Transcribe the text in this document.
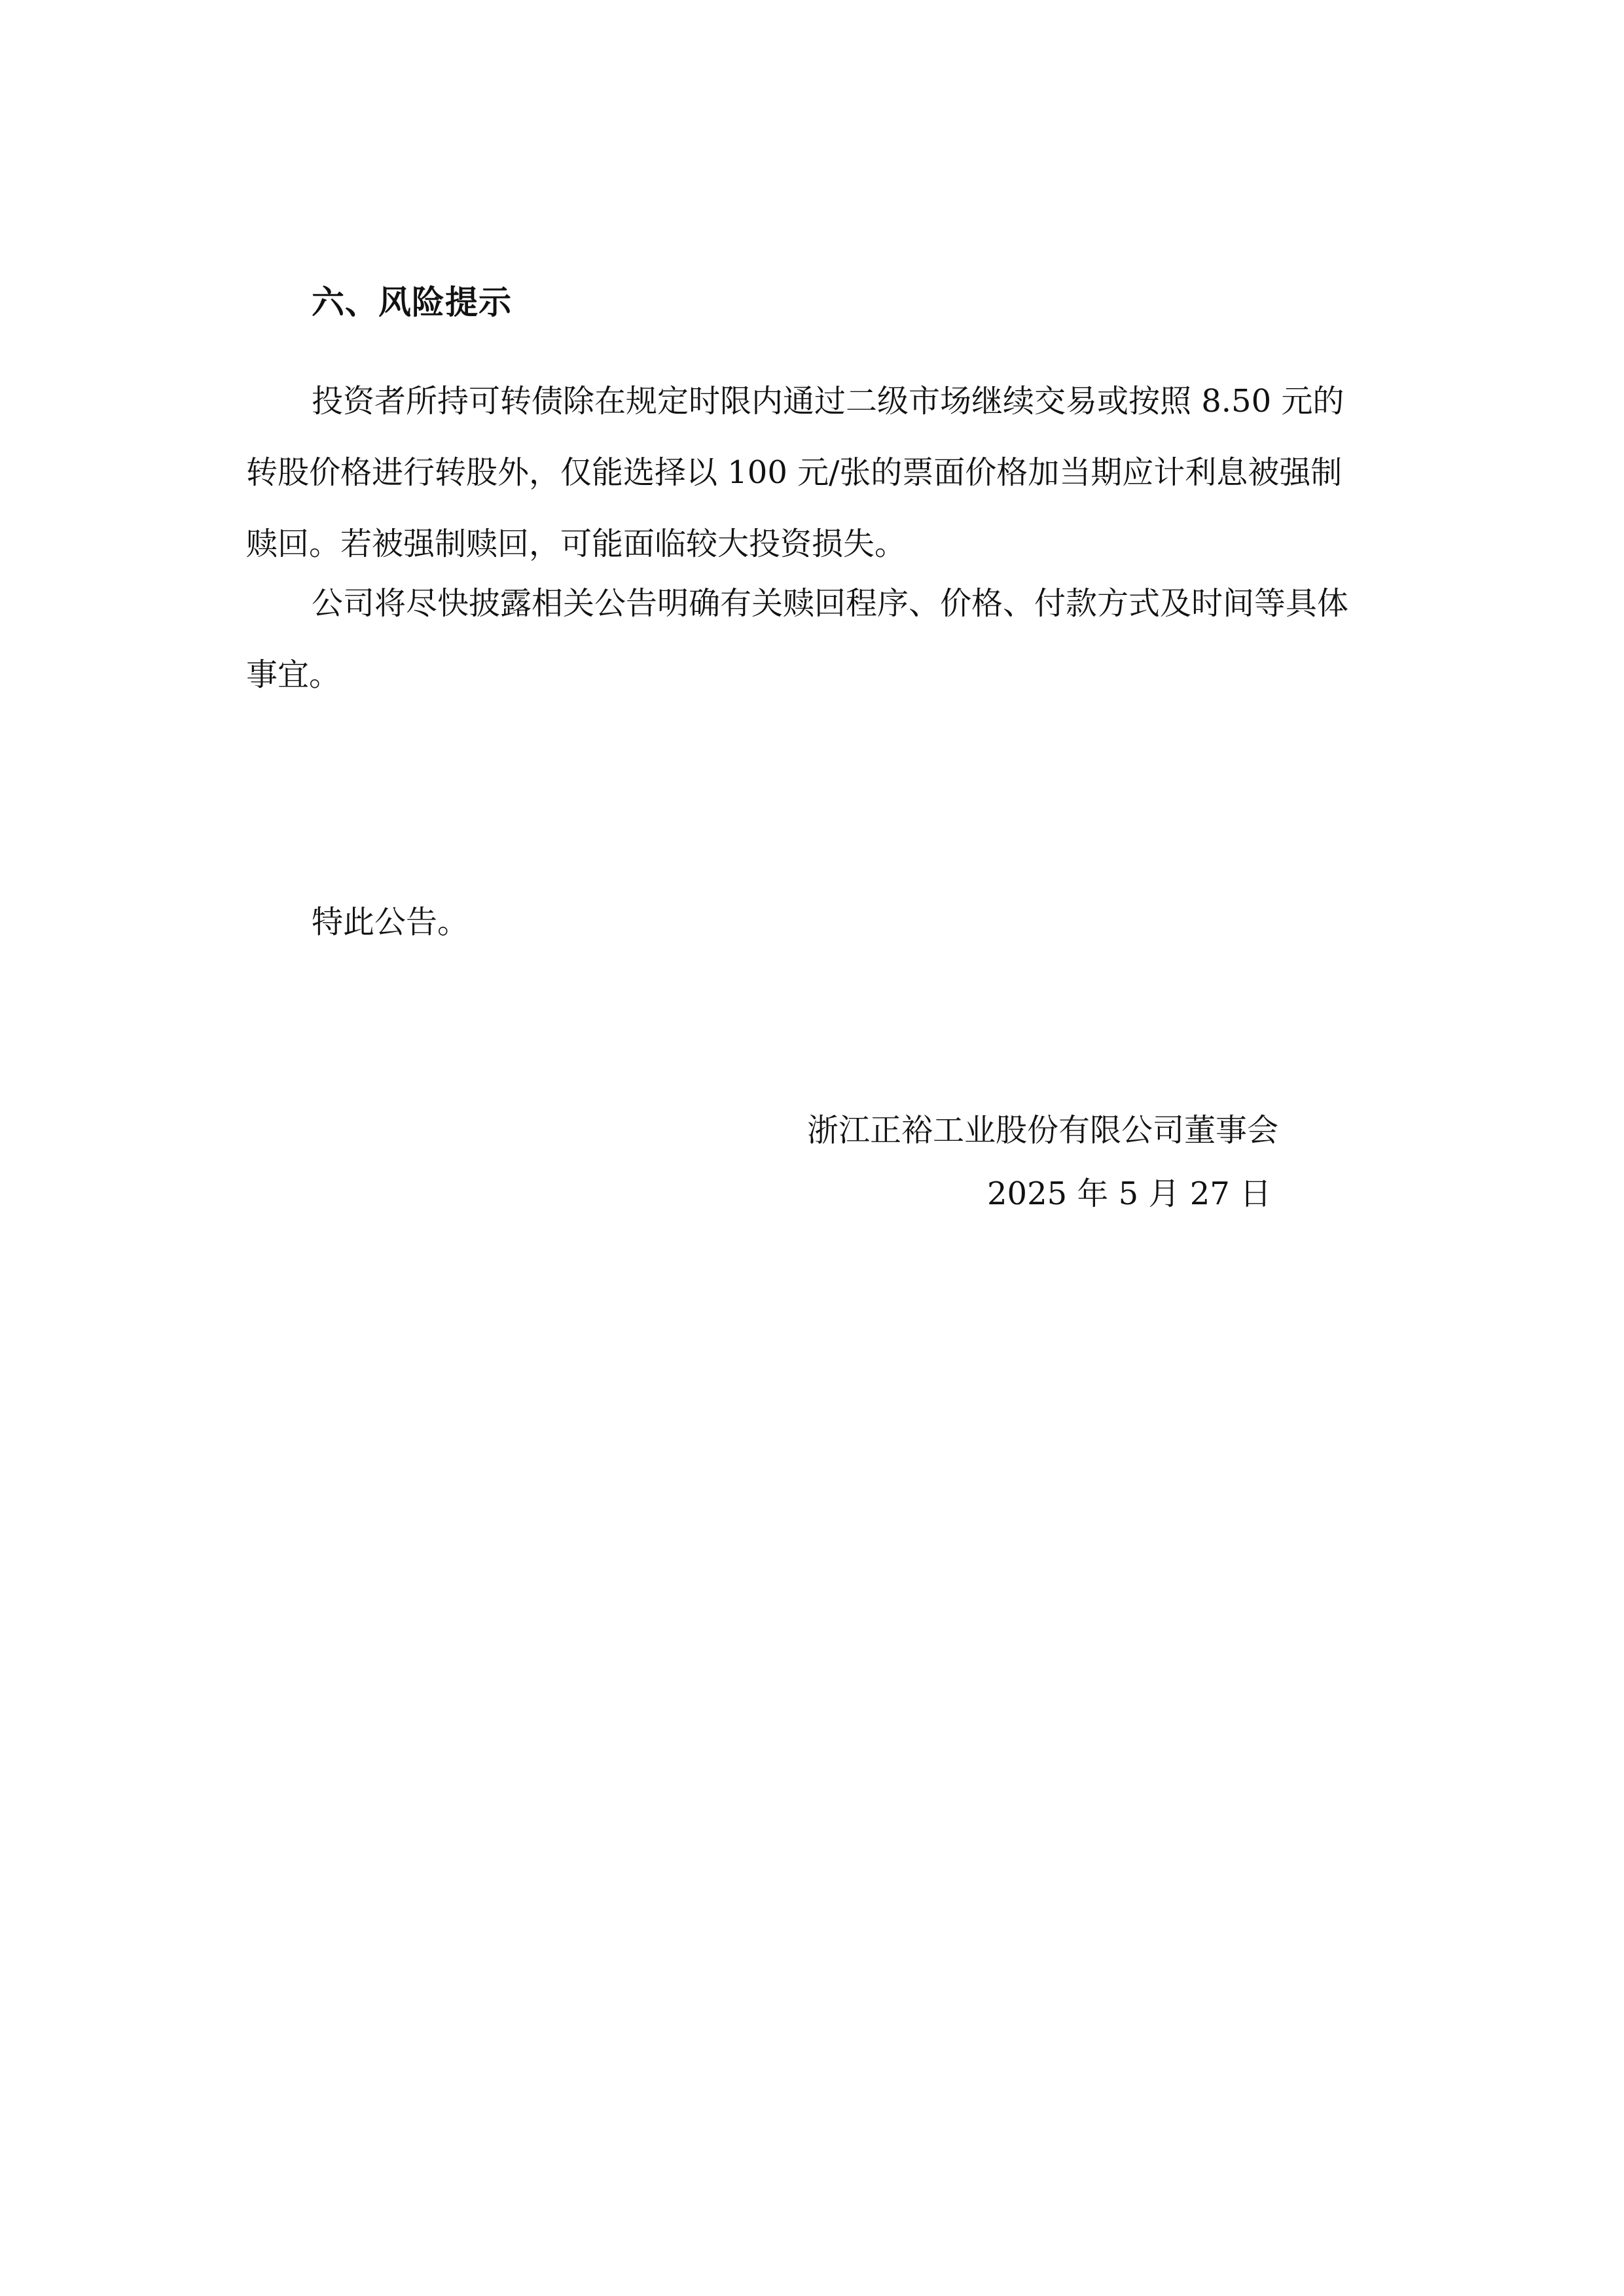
六、风险提示
投资者所持可转债除在规定时限内通过二级市场继续交易或按照 8.50 元的
转股价格进行转股外，仅能选择以 100 元/张的票面价格加当期应计利息被强制
赎回。若被强制赎回，可能面临较大投资损失。
公司将尽快披露相关公告明确有关赎回程序、价格、付款方式及时间等具体
事宜。
特此公告。
浙江正裕工业股份有限公司董事会
2025 年 5 月 27 日
